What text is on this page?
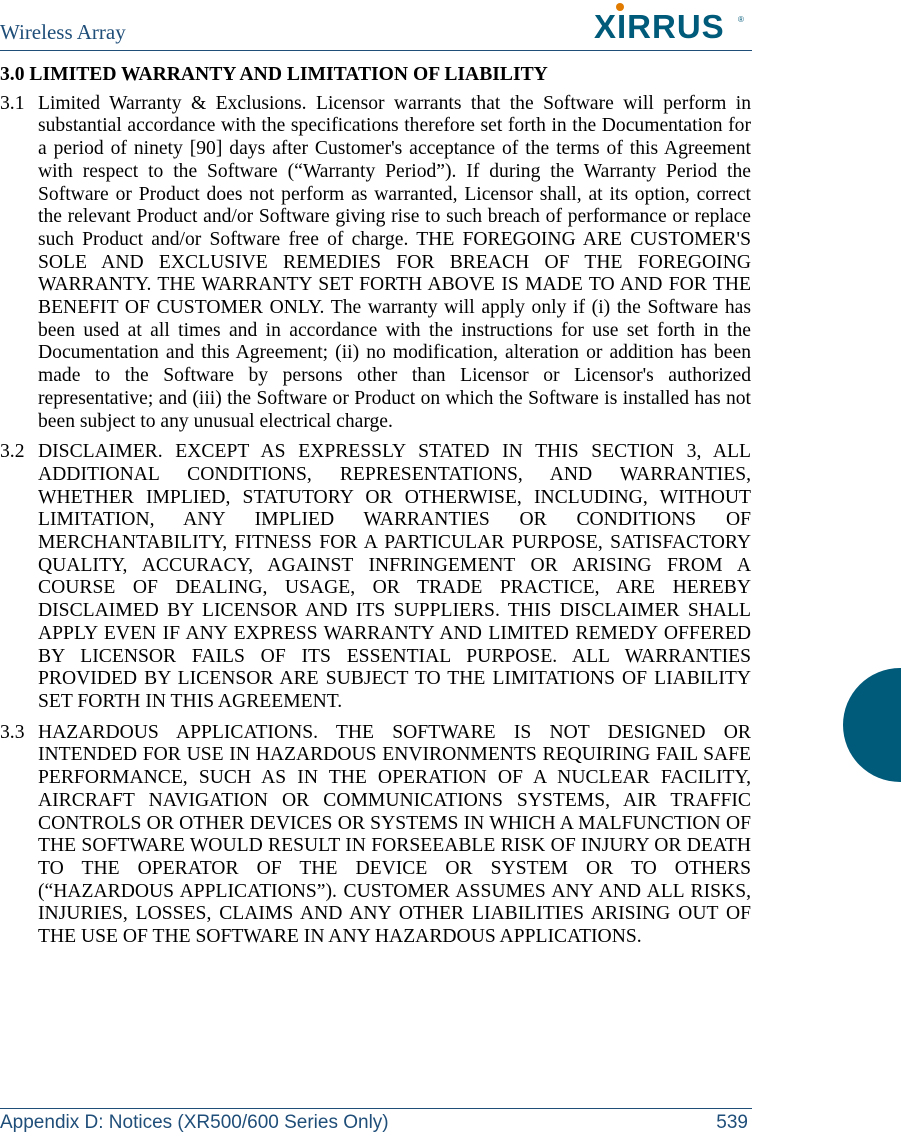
Wireless Array	XIRRUS ®
3.0 LIMITED WARRANTY AND LIMITATION OF LIABILITY
3.1 Limited Warranty & Exclusions. Licensor warrants that the Software will perform in substantial accordance with the specifications therefore set forth in the Documentation for a period of ninety [90] days after Customer's acceptance of the terms of this Agreement with respect to the Software (“Warranty Period”). If during the Warranty Period the Software or Product does not perform as warranted, Licensor shall, at its option, correct the relevant Product and/or Software giving rise to such breach of performance or replace such Product and/or Software free of charge. THE FOREGOING ARE CUSTOMER'S SOLE AND EXCLUSIVE REMEDIES FOR BREACH OF THE FOREGOING WARRANTY. THE WARRANTY SET FORTH ABOVE IS MADE TO AND FOR THE BENEFIT OF CUSTOMER ONLY. The warranty will apply only if (i) the Software has been used at all times and in accordance with the instructions for use set forth in the Documentation and this Agreement; (ii) no modification, alteration or addition has been made to the Software by persons other than Licensor or Licensor's authorized representative; and (iii) the Software or Product on which the Software is installed has not been subject to any unusual electrical charge.
3.2 DISCLAIMER. EXCEPT AS EXPRESSLY STATED IN THIS SECTION 3, ALL ADDITIONAL CONDITIONS, REPRESENTATIONS, AND WARRANTIES, WHETHER IMPLIED, STATUTORY OR OTHERWISE, INCLUDING, WITHOUT LIMITATION, ANY IMPLIED WARRANTIES OR CONDITIONS OF MERCHANTABILITY, FITNESS FOR A PARTICULAR PURPOSE, SATISFACTORY QUALITY, ACCURACY, AGAINST INFRINGEMENT OR ARISING FROM A COURSE OF DEALING, USAGE, OR TRADE PRACTICE, ARE HEREBY DISCLAIMED BY LICENSOR AND ITS SUPPLIERS. THIS DISCLAIMER SHALL APPLY EVEN IF ANY EXPRESS WARRANTY AND LIMITED REMEDY OFFERED BY LICENSOR FAILS OF ITS ESSENTIAL PURPOSE. ALL WARRANTIES PROVIDED BY LICENSOR ARE SUBJECT TO THE LIMITATIONS OF LIABILITY SET FORTH IN THIS AGREEMENT.
3.3 HAZARDOUS APPLICATIONS. THE SOFTWARE IS NOT DESIGNED OR INTENDED FOR USE IN HAZARDOUS ENVIRONMENTS REQUIRING FAIL SAFE PERFORMANCE, SUCH AS IN THE OPERATION OF A NUCLEAR FACILITY, AIRCRAFT NAVIGATION OR COMMUNICATIONS SYSTEMS, AIR TRAFFIC CONTROLS OR OTHER DEVICES OR SYSTEMS IN WHICH A MALFUNCTION OF THE SOFTWARE WOULD RESULT IN FORSEEABLE RISK OF INJURY OR DEATH TO THE OPERATOR OF THE DEVICE OR SYSTEM OR TO OTHERS (“HAZARDOUS APPLICATIONS”). CUSTOMER ASSUMES ANY AND ALL RISKS, INJURIES, LOSSES, CLAIMS AND ANY OTHER LIABILITIES ARISING OUT OF THE USE OF THE SOFTWARE IN ANY HAZARDOUS APPLICATIONS.
Appendix D: Notices (XR500/600 Series Only)	539
